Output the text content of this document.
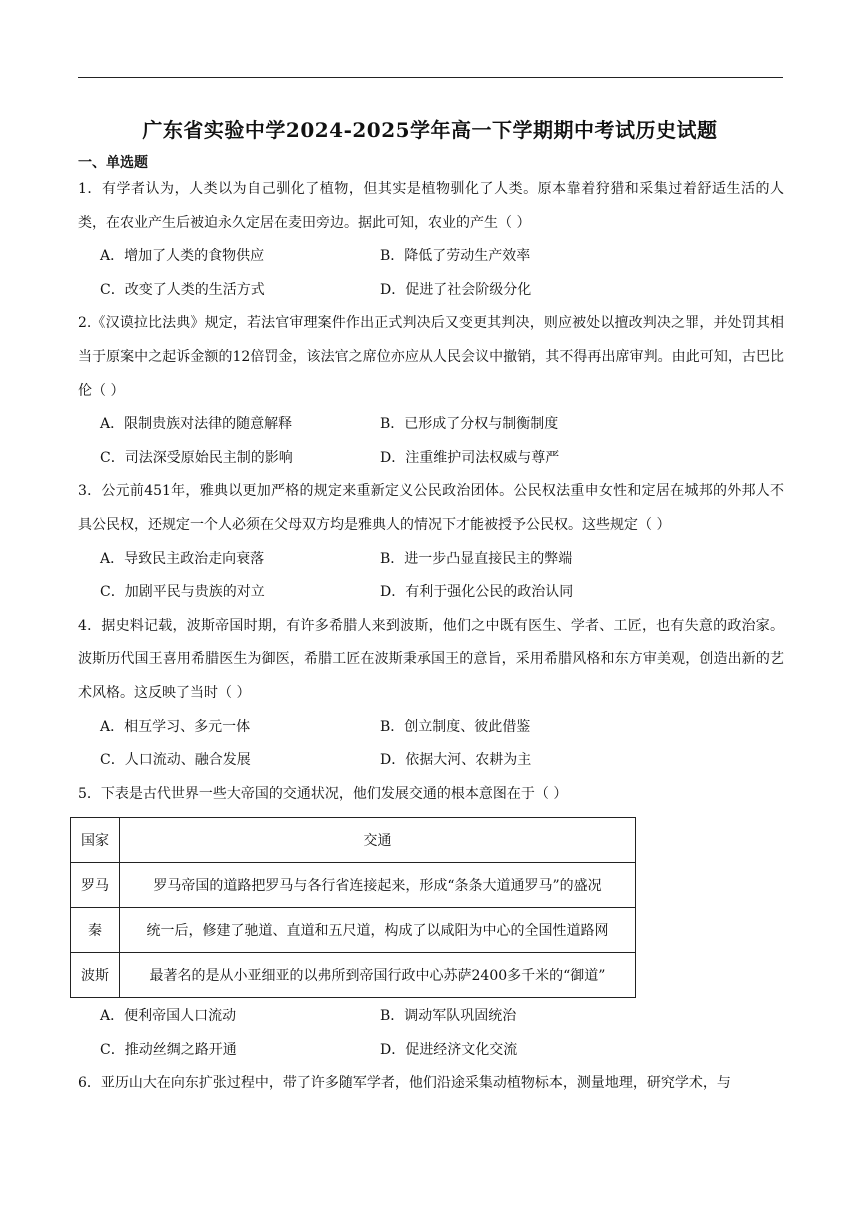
广东省实验中学2024-2025学年高一下学期期中考试历史试题
一、单选题

1．有学者认为，人类以为自己驯化了植物，但其实是植物驯化了人类。原本靠着狩猎和采集过着舒适生活的人类，在农业产生后被迫永久定居在麦田旁边。据此可知，农业的产生（ ）

A．增加了人类的食物供应	B．降低了劳动生产效率
C．改变了人类的生活方式	D．促进了社会阶级分化

2.《汉谟拉比法典》规定，若法官审理案件作出正式判决后又变更其判决，则应被处以擅改判决之罪，并处罚其相当于原案中之起诉金额的12倍罚金，该法官之席位亦应从人民会议中撤销，其不得再出席审判。由此可知，古巴比伦（ ）

A．限制贵族对法律的随意解释	B．已形成了分权与制衡制度
C．司法深受原始民主制的影响	D．注重维护司法权威与尊严

3．公元前451年，雅典以更加严格的规定来重新定义公民政治团体。公民权法重申女性和定居在城邦的外邦人不具公民权，还规定一个人必须在父母双方均是雅典人的情况下才能被授予公民权。这些规定（ ）

A．导致民主政治走向衰落	B．进一步凸显直接民主的弊端
C．加剧平民与贵族的对立	D．有利于强化公民的政治认同

4．据史料记载，波斯帝国时期，有许多希腊人来到波斯，他们之中既有医生、学者、工匠，也有失意的政治家。波斯历代国王喜用希腊医生为御医，希腊工匠在波斯秉承国王的意旨，采用希腊风格和东方审美观，创造出新的艺术风格。这反映了当时（ ）

A．相互学习、多元一体	B．创立制度、彼此借鉴
C．人口流动、融合发展	D．依据大河、农耕为主

5．下表是古代世界一些大帝国的交通状况，他们发展交通的根本意图在于（ ）

国家	交通
罗马	罗马帝国的道路把罗马与各行省连接起来，形成“条条大道通罗马”的盛况
秦	统一后，修建了驰道、直道和五尺道，构成了以咸阳为中心的全国性道路网
波斯	最著名的是从小亚细亚的以弗所到帝国行政中心苏萨2400多千米的“御道”
A．便利帝国人口流动	B．调动军队巩固统治
C．推动丝绸之路开通	D．促进经济文化交流

6．亚历山大在向东扩张过程中，带了许多随军学者，他们沿途采集动植物标本，测量地理，研究学术，与
